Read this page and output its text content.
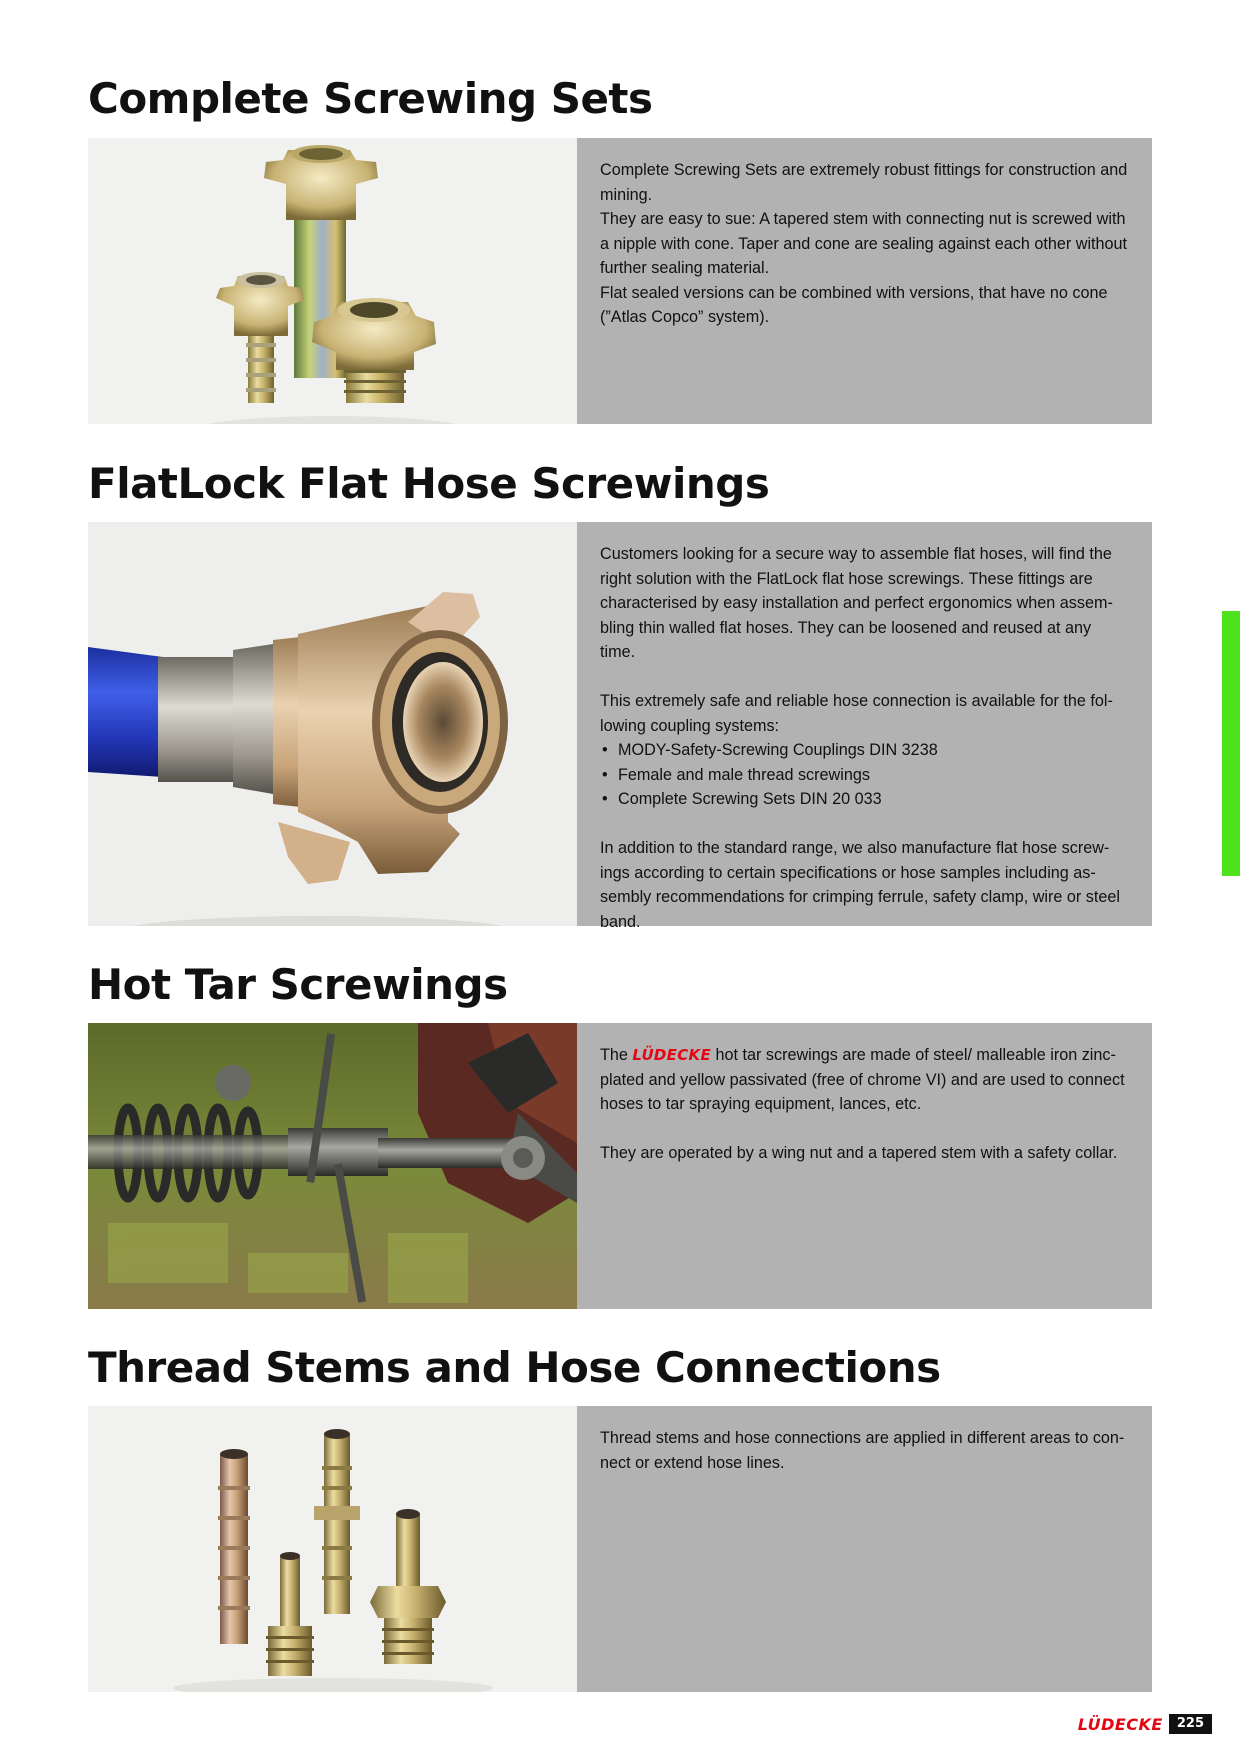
Complete Screwing Sets

Complete Screwing Sets are extremely robust fittings for construction and mining.

They are easy to sue: A tapered stem with connecting nut is screwed with a nipple with cone. Taper and cone are sealing against each other without further sealing material.

Flat sealed versions can be combined with versions, that have no cone (”Atlas Copco” system).

FlatLock Flat Hose Screwings

Customers looking for a secure way to assemble flat hoses, will find the right solution with the FlatLock flat hose screwings. These fittings are characterised by easy installation and perfect ergonomics when assem-bling thin walled flat hoses. They can be loosened and reused at any time.

This extremely safe and reliable hose connection is available for the fol-lowing coupling systems:

• MODY-Safety-Screwing Couplings DIN 3238
• Female and male thread screwings
• Complete Screwing Sets DIN 20 033

In addition to the standard range, we also manufacture flat hose screw-ings according to certain specifications or hose samples including as-sembly recommendations for crimping ferrule, safety clamp, wire or steel band.

Hot Tar Screwings

The LÜDECKE hot tar screwings are made of steel/ malleable iron zinc-plated and yellow passivated (free of chrome VI) and are used to connect hoses to tar spraying equipment, lances, etc.

They are operated by a wing nut and a tapered stem with a safety collar.

Thread Stems and Hose Connections

Thread stems and hose connections are applied in different areas to con-nect or extend hose lines.

LÜDECKE	225
